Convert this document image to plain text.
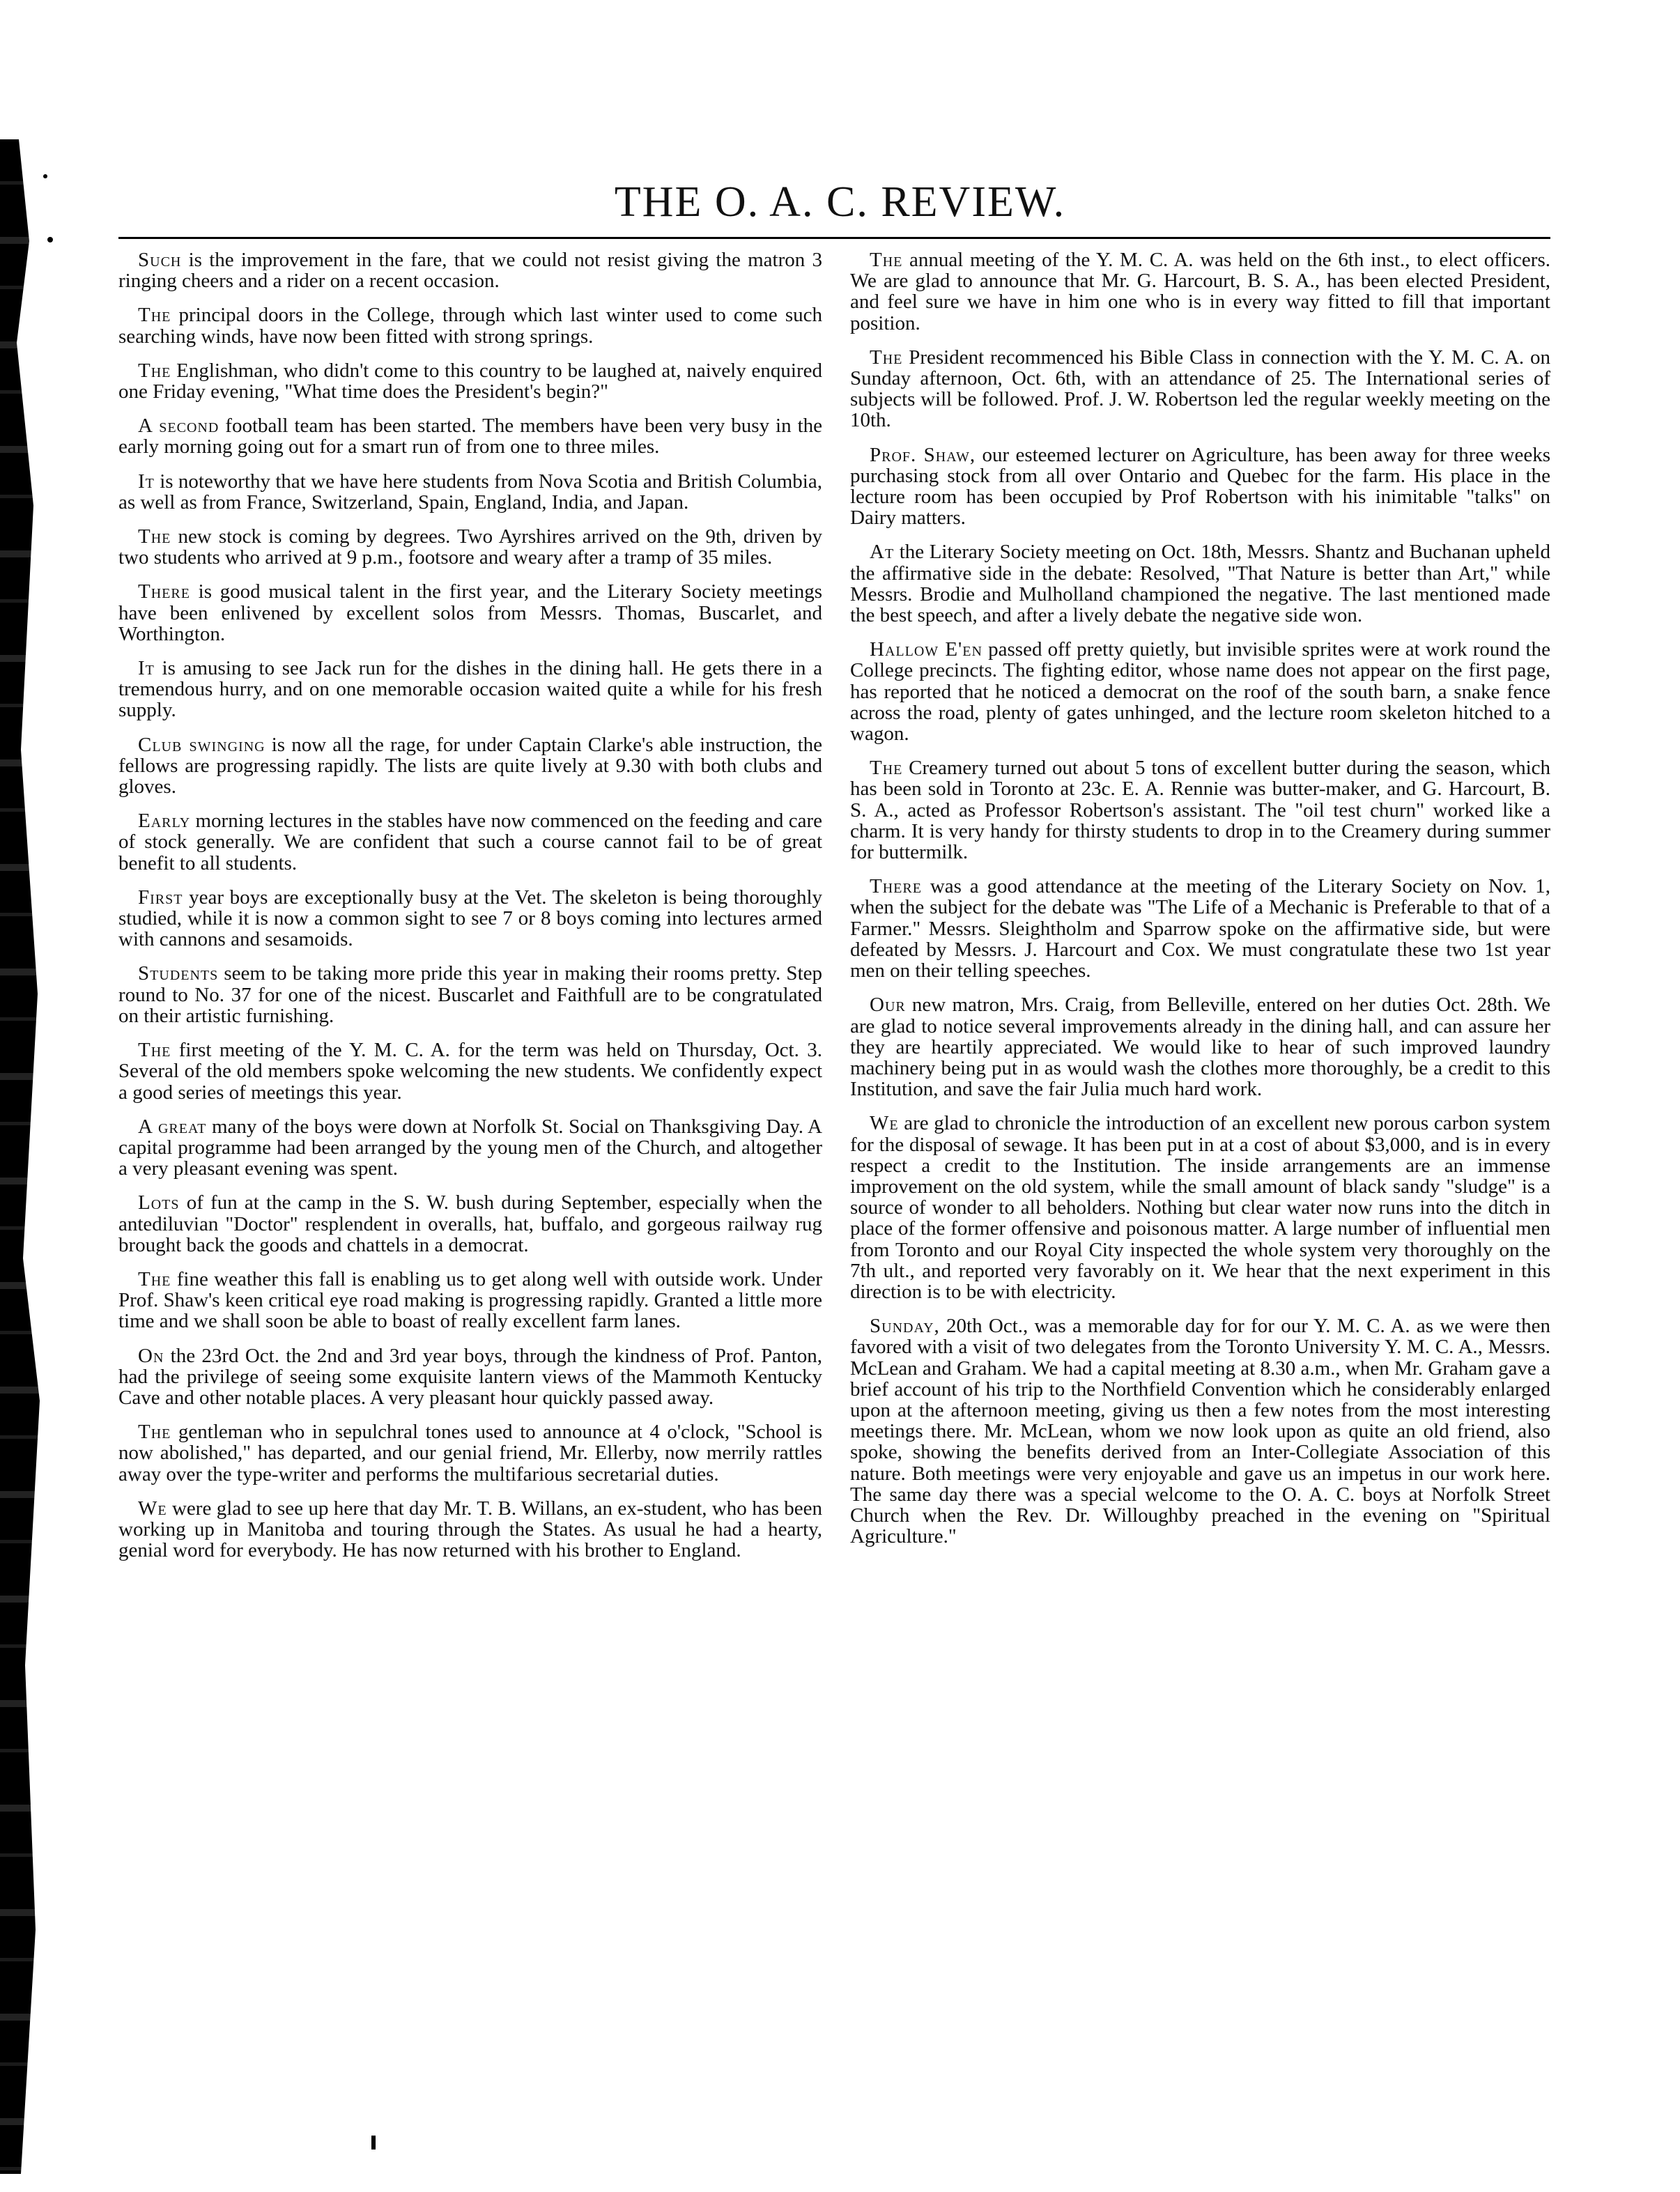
THE O. A. C. REVIEW.

Such is the improvement in the fare, that we could not resist giving the matron 3 ringing cheers and a rider on a recent occasion.

The principal doors in the College, through which last winter used to come such searching winds, have now been fitted with strong springs.

The Englishman, who didn't come to this country to be laughed at, naively enquired one Friday evening, "What time does the President's begin?"

A second football team has been started. The members have been very busy in the early morning going out for a smart run of from one to three miles.

It is noteworthy that we have here students from Nova Scotia and British Columbia, as well as from France, Switzerland, Spain, England, India, and Japan.

The new stock is coming by degrees. Two Ayrshires arrived on the 9th, driven by two students who arrived at 9 p.m., footsore and weary after a tramp of 35 miles.

There is good musical talent in the first year, and the Literary Society meetings have been enlivened by excellent solos from Messrs. Thomas, Buscarlet, and Worthington.

It is amusing to see Jack run for the dishes in the dining hall. He gets there in a tremendous hurry, and on one memorable occasion waited quite a while for his fresh supply.

Club swinging is now all the rage, for under Captain Clarke's able instruction, the fellows are progressing rapidly. The lists are quite lively at 9.30 with both clubs and gloves.

Early morning lectures in the stables have now commenced on the feeding and care of stock generally. We are confident that such a course cannot fail to be of great benefit to all students.

First year boys are exceptionally busy at the Vet. The skeleton is being thoroughly studied, while it is now a common sight to see 7 or 8 boys coming into lectures armed with cannons and sesamoids.

Students seem to be taking more pride this year in making their rooms pretty. Step round to No. 37 for one of the nicest. Buscarlet and Faithfull are to be congratulated on their artistic furnishing.

The first meeting of the Y. M. C. A. for the term was held on Thursday, Oct. 3. Several of the old members spoke welcoming the new students. We confidently expect a good series of meetings this year.

A great many of the boys were down at Norfolk St. Social on Thanksgiving Day. A capital programme had been arranged by the young men of the Church, and altogether a very pleasant evening was spent.

Lots of fun at the camp in the S. W. bush during September, especially when the antediluvian "Doctor" resplendent in overalls, hat, buffalo, and gorgeous railway rug brought back the goods and chattels in a democrat.

The fine weather this fall is enabling us to get along well with outside work. Under Prof. Shaw's keen critical eye road making is progressing rapidly. Granted a little more time and we shall soon be able to boast of really excellent farm lanes.

On the 23rd Oct. the 2nd and 3rd year boys, through the kindness of Prof. Panton, had the privilege of seeing some exquisite lantern views of the Mammoth Kentucky Cave and other notable places. A very pleasant hour quickly passed away.

The gentleman who in sepulchral tones used to announce at 4 o'clock, "School is now abolished," has departed, and our genial friend, Mr. Ellerby, now merrily rattles away over the type-writer and performs the multifarious secretarial duties.

We were glad to see up here that day Mr. T. B. Willans, an ex-student, who has been working up in Manitoba and touring through the States. As usual he had a hearty, genial word for everybody. He has now returned with his brother to England.

The annual meeting of the Y. M. C. A. was held on the 6th inst., to elect officers. We are glad to announce that Mr. G. Harcourt, B. S. A., has been elected President, and feel sure we have in him one who is in every way fitted to fill that important position.

The President recommenced his Bible Class in connection with the Y. M. C. A. on Sunday afternoon, Oct. 6th, with an attendance of 25. The International series of subjects will be followed. Prof. J. W. Robertson led the regular weekly meeting on the 10th.

Prof. Shaw, our esteemed lecturer on Agriculture, has been away for three weeks purchasing stock from all over Ontario and Quebec for the farm. His place in the lecture room has been occupied by Prof Robertson with his inimitable "talks" on Dairy matters.

At the Literary Society meeting on Oct. 18th, Messrs. Shantz and Buchanan upheld the affirmative side in the debate: Resolved, "That Nature is better than Art," while Messrs. Brodie and Mulholland championed the negative. The last mentioned made the best speech, and after a lively debate the negative side won.

Hallow E'en passed off pretty quietly, but invisible sprites were at work round the College precincts. The fighting editor, whose name does not appear on the first page, has reported that he noticed a democrat on the roof of the south barn, a snake fence across the road, plenty of gates unhinged, and the lecture room skeleton hitched to a wagon.

The Creamery turned out about 5 tons of excellent butter during the season, which has been sold in Toronto at 23c. E. A. Rennie was butter-maker, and G. Harcourt, B. S. A., acted as Professor Robertson's assistant. The "oil test churn" worked like a charm. It is very handy for thirsty students to drop in to the Creamery during summer for buttermilk.

There was a good attendance at the meeting of the Literary Society on Nov. 1, when the subject for the debate was "The Life of a Mechanic is Preferable to that of a Farmer." Messrs. Sleightholm and Sparrow spoke on the affirmative side, but were defeated by Messrs. J. Harcourt and Cox. We must congratulate these two 1st year men on their telling speeches.

Our new matron, Mrs. Craig, from Belleville, entered on her duties Oct. 28th. We are glad to notice several improvements already in the dining hall, and can assure her they are heartily appreciated. We would like to hear of such improved laundry machinery being put in as would wash the clothes more thoroughly, be a credit to this Institution, and save the fair Julia much hard work.

We are glad to chronicle the introduction of an excellent new porous carbon system for the disposal of sewage. It has been put in at a cost of about $3,000, and is in every respect a credit to the Institution. The inside arrangements are an immense improvement on the old system, while the small amount of black sandy "sludge" is a source of wonder to all beholders. Nothing but clear water now runs into the ditch in place of the former offensive and poisonous matter. A large number of influential men from Toronto and our Royal City inspected the whole system very thoroughly on the 7th ult., and reported very favorably on it. We hear that the next experiment in this direction is to be with electricity.

Sunday, 20th Oct., was a memorable day for for our Y. M. C. A. as we were then favored with a visit of two delegates from the Toronto University Y. M. C. A., Messrs. McLean and Graham. We had a capital meeting at 8.30 a.m., when Mr. Graham gave a brief account of his trip to the Northfield Convention which he considerably enlarged upon at the afternoon meeting, giving us then a few notes from the most interesting meetings there. Mr. McLean, whom we now look upon as quite an old friend, also spoke, showing the benefits derived from an Inter-Collegiate Association of this nature. Both meetings were very enjoyable and gave us an impetus in our work here. The same day there was a special welcome to the O. A. C. boys at Norfolk Street Church when the Rev. Dr. Willoughby preached in the evening on "Spiritual Agriculture."
